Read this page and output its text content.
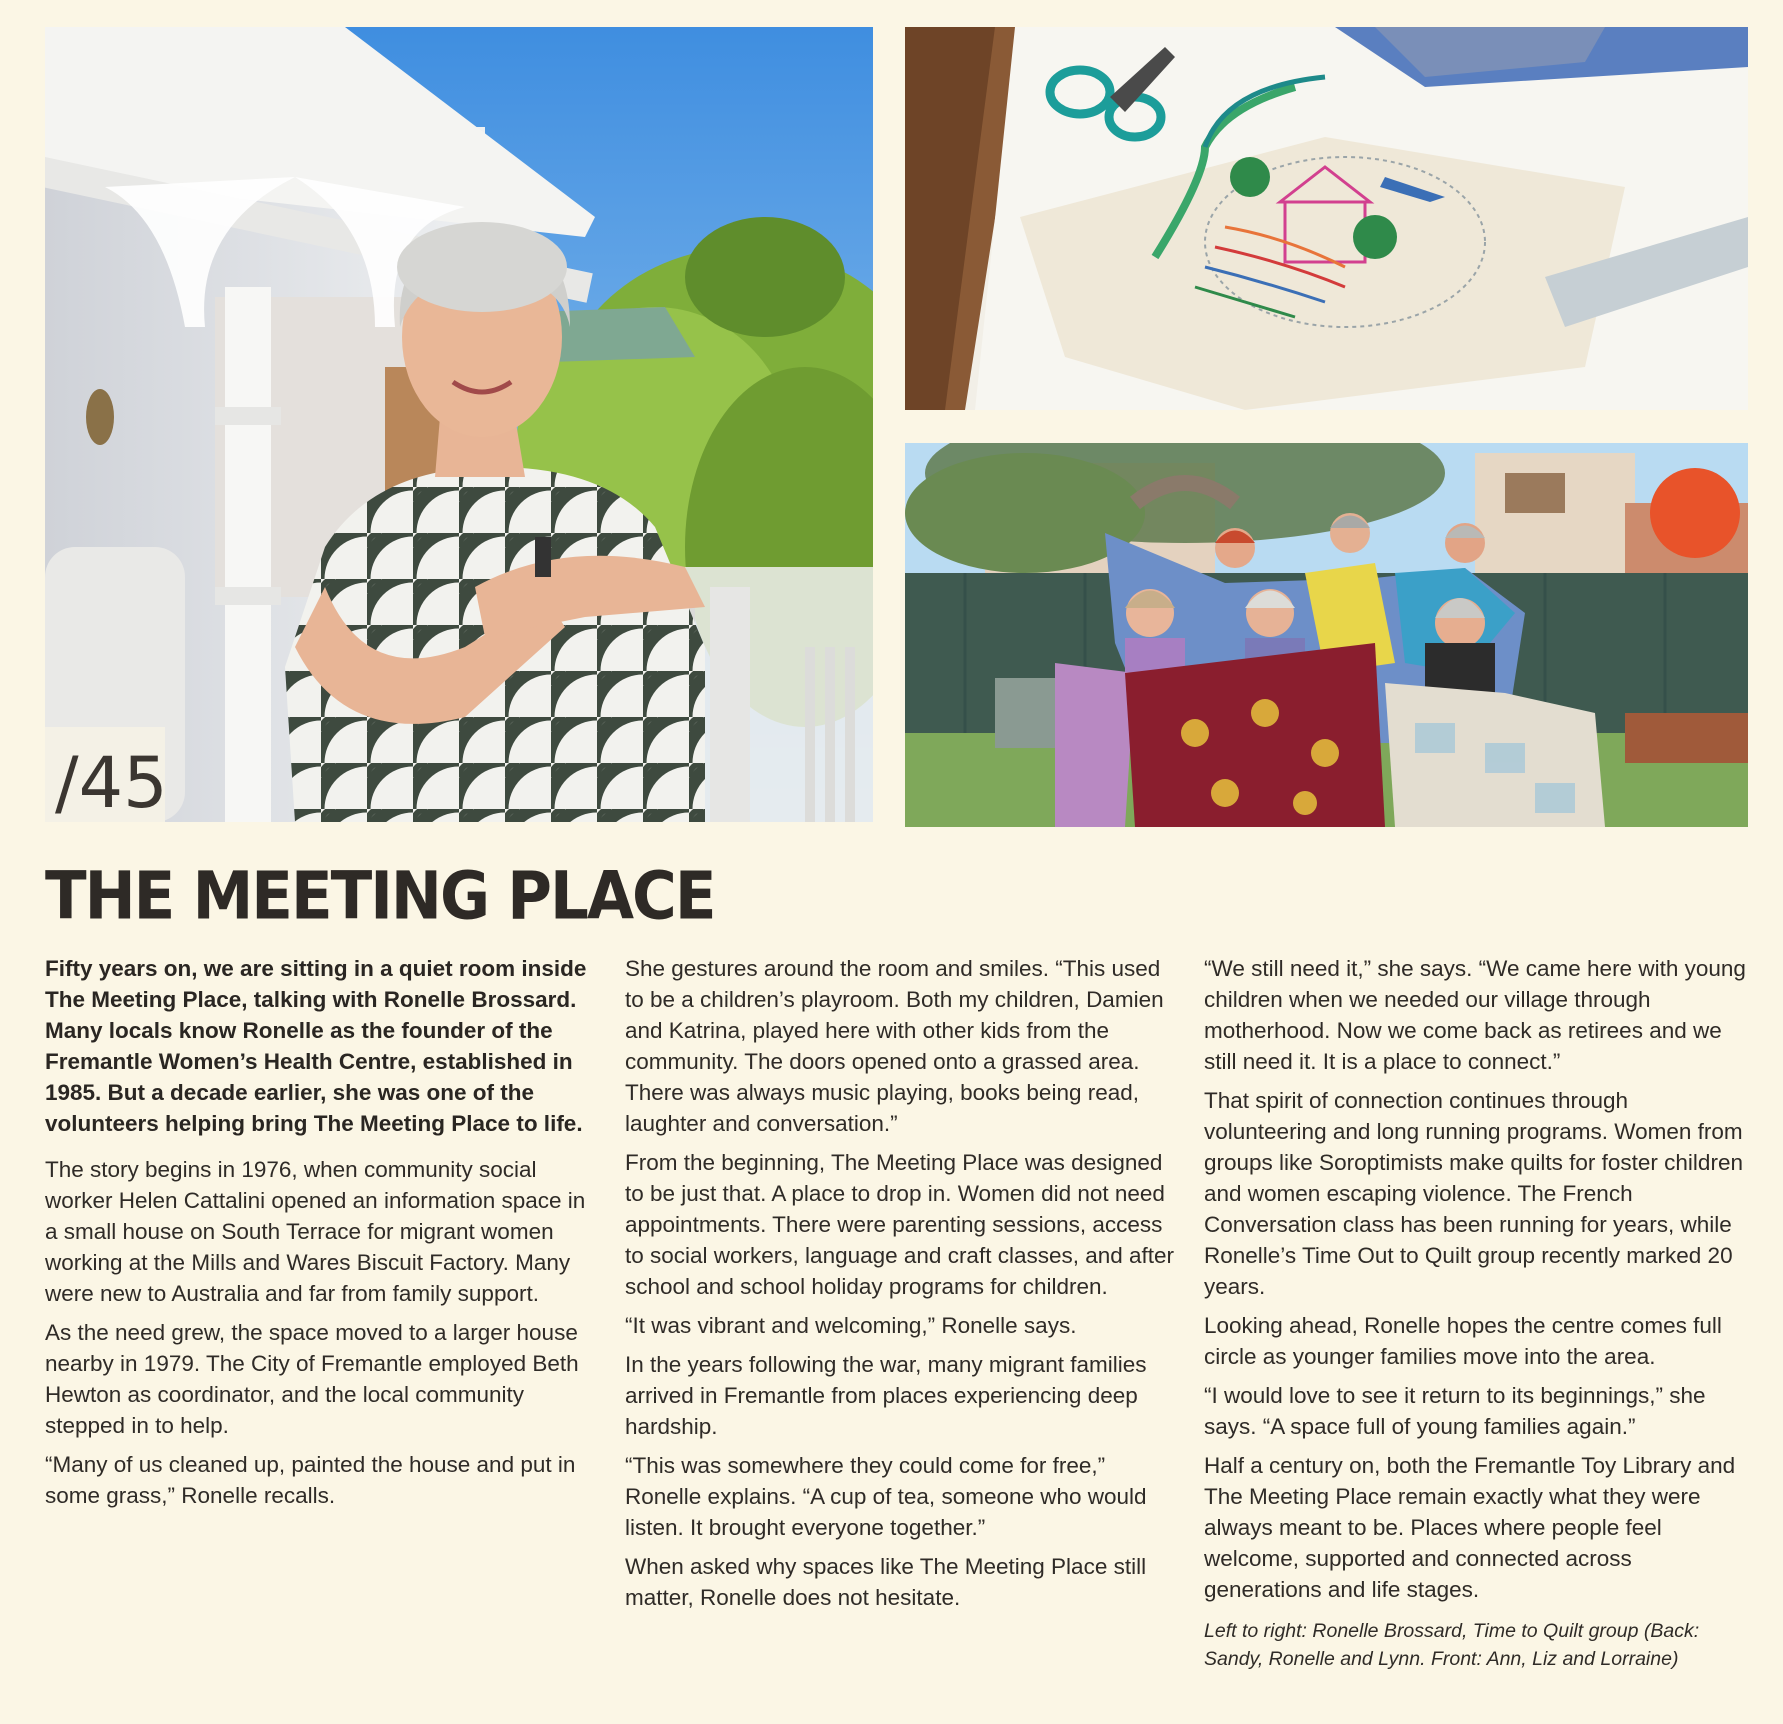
/45
THE MEETING PLACE

Fifty years on, we are sitting in a quiet room inside The Meeting Place, talking with Ronelle Brossard. Many locals know Ronelle as the founder of the Fremantle Women’s Health Centre, established in 1985. But a decade earlier, she was one of the volunteers helping bring The Meeting Place to life.

The story begins in 1976, when community social worker Helen Cattalini opened an information space in a small house on South Terrace for migrant women working at the Mills and Wares Biscuit Factory. Many were new to Australia and far from family support.

As the need grew, the space moved to a larger house nearby in 1979. The City of Fremantle employed Beth Hewton as coordinator, and the local community stepped in to help.

“Many of us cleaned up, painted the house and put in some grass,” Ronelle recalls.

She gestures around the room and smiles. “This used to be a children’s playroom. Both my children, Damien and Katrina, played here with other kids from the community. The doors opened onto a grassed area. There was always music playing, books being read, laughter and conversation.”

From the beginning, The Meeting Place was designed to be just that. A place to drop in. Women did not need appointments. There were parenting sessions, access to social workers, language and craft classes, and after school and school holiday programs for children.

“It was vibrant and welcoming,” Ronelle says.

In the years following the war, many migrant families arrived in Fremantle from places experiencing deep hardship.

“This was somewhere they could come for free,” Ronelle explains. “A cup of tea, someone who would listen. It brought everyone together.”

When asked why spaces like The Meeting Place still matter, Ronelle does not hesitate.

“We still need it,” she says. “We came here with young children when we needed our village through motherhood. Now we come back as retirees and we still need it. It is a place to connect.”

That spirit of connection continues through volunteering and long running programs. Women from groups like Soroptimists make quilts for foster children and women escaping violence. The French Conversation class has been running for years, while Ronelle’s Time Out to Quilt group recently marked 20 years.

Looking ahead, Ronelle hopes the centre comes full circle as younger families move into the area.

“I would love to see it return to its beginnings,” she says. “A space full of young families again.”

Half a century on, both the Fremantle Toy Library and The Meeting Place remain exactly what they were always meant to be. Places where people feel welcome, supported and connected across generations and life stages.

Left to right: Ronelle Brossard, Time to Quilt group (Back: Sandy, Ronelle and Lynn. Front: Ann, Liz and Lorraine)
